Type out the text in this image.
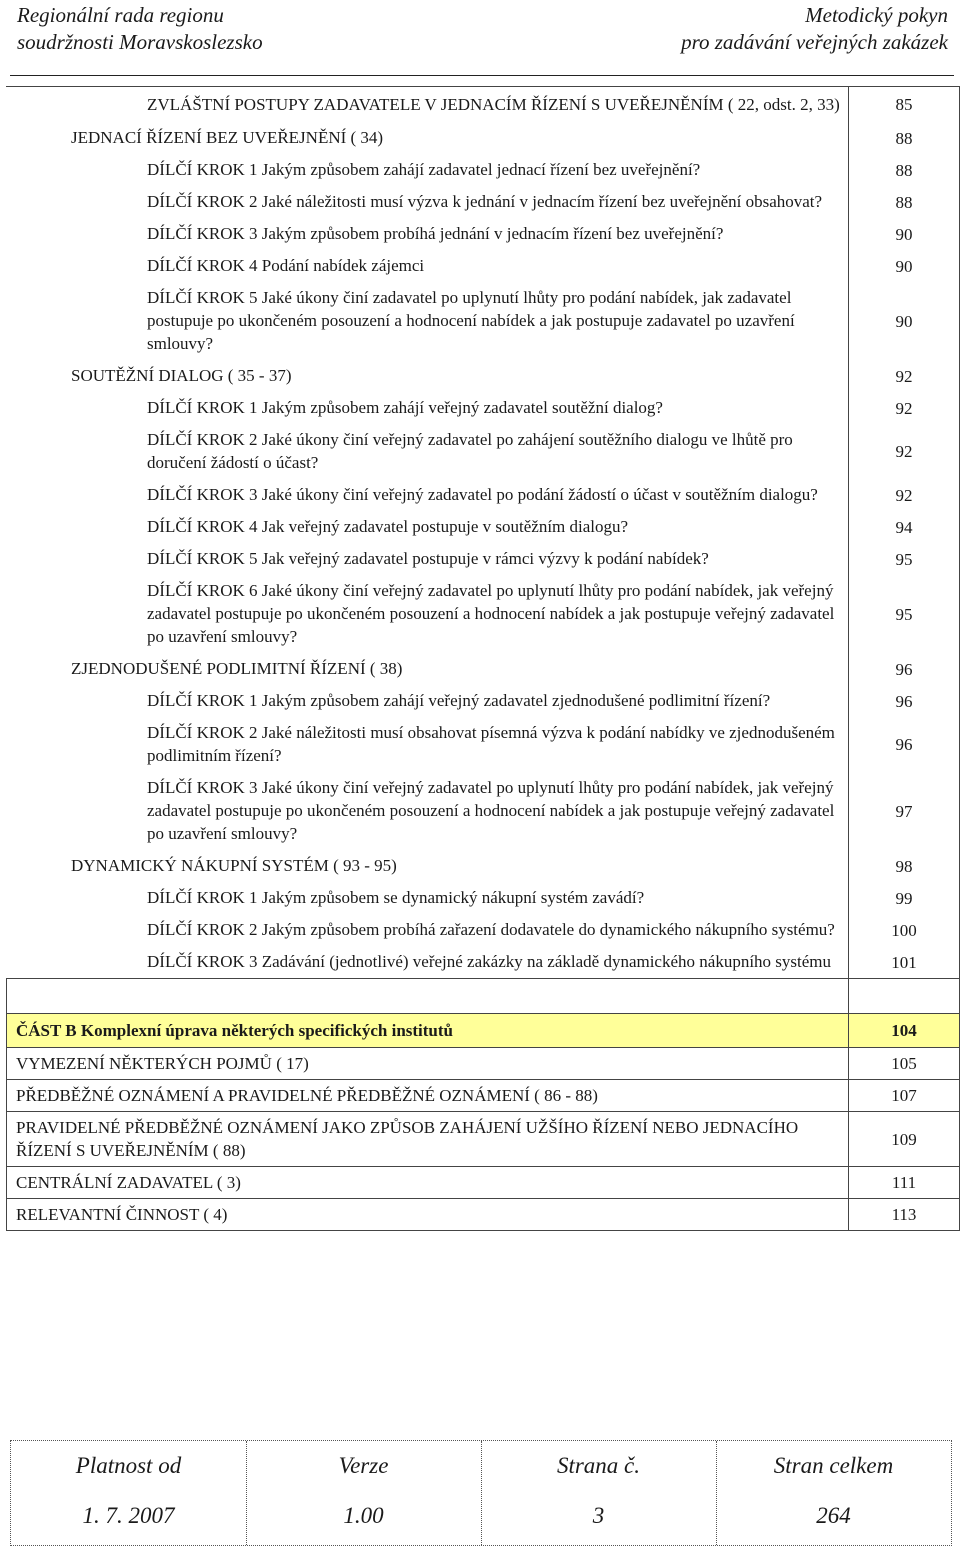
Regionální rada regionu
soudržnosti Moravskoslezsko
Metodický pokyn
pro zadávání veřejných zakázek
ZVLÁŠTNÍ POSTUPY ZADAVATELE V JEDNACÍM ŘÍZENÍ S UVEŘEJNĚNÍM ( 22, odst. 2, 33)	85
JEDNACÍ ŘÍZENÍ BEZ UVEŘEJNĚNÍ ( 34)	88
DÍLČÍ KROK 1 Jakým způsobem zahájí zadavatel jednací řízení bez uveřejnění?	88
DÍLČÍ KROK 2 Jaké náležitosti musí výzva k jednání v jednacím řízení bez uveřejnění obsahovat?	88
DÍLČÍ KROK 3 Jakým způsobem probíhá jednání v jednacím řízení bez uveřejnění?	90
DÍLČÍ KROK 4 Podání nabídek zájemci	90
DÍLČÍ KROK 5 Jaké úkony činí zadavatel po uplynutí lhůty pro podání nabídek, jak zadavatel postupuje po ukončeném posouzení a hodnocení nabídek a jak postupuje zadavatel po uzavření smlouvy?	90
SOUTĚŽNÍ DIALOG ( 35 - 37)	92
DÍLČÍ KROK 1 Jakým způsobem zahájí veřejný zadavatel soutěžní dialog?	92
DÍLČÍ KROK 2 Jaké úkony činí veřejný zadavatel po zahájení soutěžního dialogu ve lhůtě pro doručení žádostí o účast?	92
DÍLČÍ KROK 3 Jaké úkony činí veřejný zadavatel po podání žádostí o účast v soutěžním dialogu?	92
DÍLČÍ KROK 4 Jak veřejný zadavatel postupuje v soutěžním dialogu?	94
DÍLČÍ KROK 5 Jak veřejný zadavatel postupuje v rámci výzvy k podání nabídek?	95
DÍLČÍ KROK 6 Jaké úkony činí veřejný zadavatel po uplynutí lhůty pro podání nabídek, jak veřejný zadavatel postupuje po ukončeném posouzení a hodnocení nabídek a jak postupuje veřejný zadavatel po uzavření smlouvy?	95
ZJEDNODUŠENÉ PODLIMITNÍ ŘÍZENÍ ( 38)	96
DÍLČÍ KROK 1 Jakým způsobem zahájí veřejný zadavatel zjednodušené podlimitní řízení?	96
DÍLČÍ KROK 2 Jaké náležitosti musí obsahovat písemná výzva k podání nabídky ve zjednodušeném podlimitním řízení?	96
DÍLČÍ KROK 3 Jaké úkony činí veřejný zadavatel po uplynutí lhůty pro podání nabídek, jak veřejný zadavatel postupuje po ukončeném posouzení a hodnocení nabídek a jak postupuje veřejný zadavatel po uzavření smlouvy?	97
DYNAMICKÝ NÁKUPNÍ SYSTÉM ( 93 - 95)	98
DÍLČÍ KROK 1 Jakým způsobem se dynamický nákupní systém zavádí?	99
DÍLČÍ KROK 2 Jakým způsobem probíhá zařazení dodavatele do dynamického nákupního systému?	100
DÍLČÍ KROK 3 Zadávání (jednotlivé) veřejné zakázky na základě dynamického nákupního systému	101

ČÁST B Komplexní úprava některých specifických institutů	104
VYMEZENÍ NĚKTERÝCH POJMŮ ( 17)	105
PŘEDBĚŽNÉ OZNÁMENÍ A PRAVIDELNÉ PŘEDBĚŽNÉ OZNÁMENÍ ( 86 - 88)	107
PRAVIDELNÉ PŘEDBĚŽNÉ OZNÁMENÍ JAKO ZPŮSOB ZAHÁJENÍ UŽŠÍHO ŘÍZENÍ NEBO JEDNACÍHO ŘÍZENÍ S UVEŘEJNĚNÍM ( 88)	109
CENTRÁLNÍ ZADAVATEL ( 3)	111
RELEVANTNÍ ČINNOST ( 4)	113
Platnost od	Verze	Strana č.	Stran celkem
1. 7. 2007	1.00	3	264
